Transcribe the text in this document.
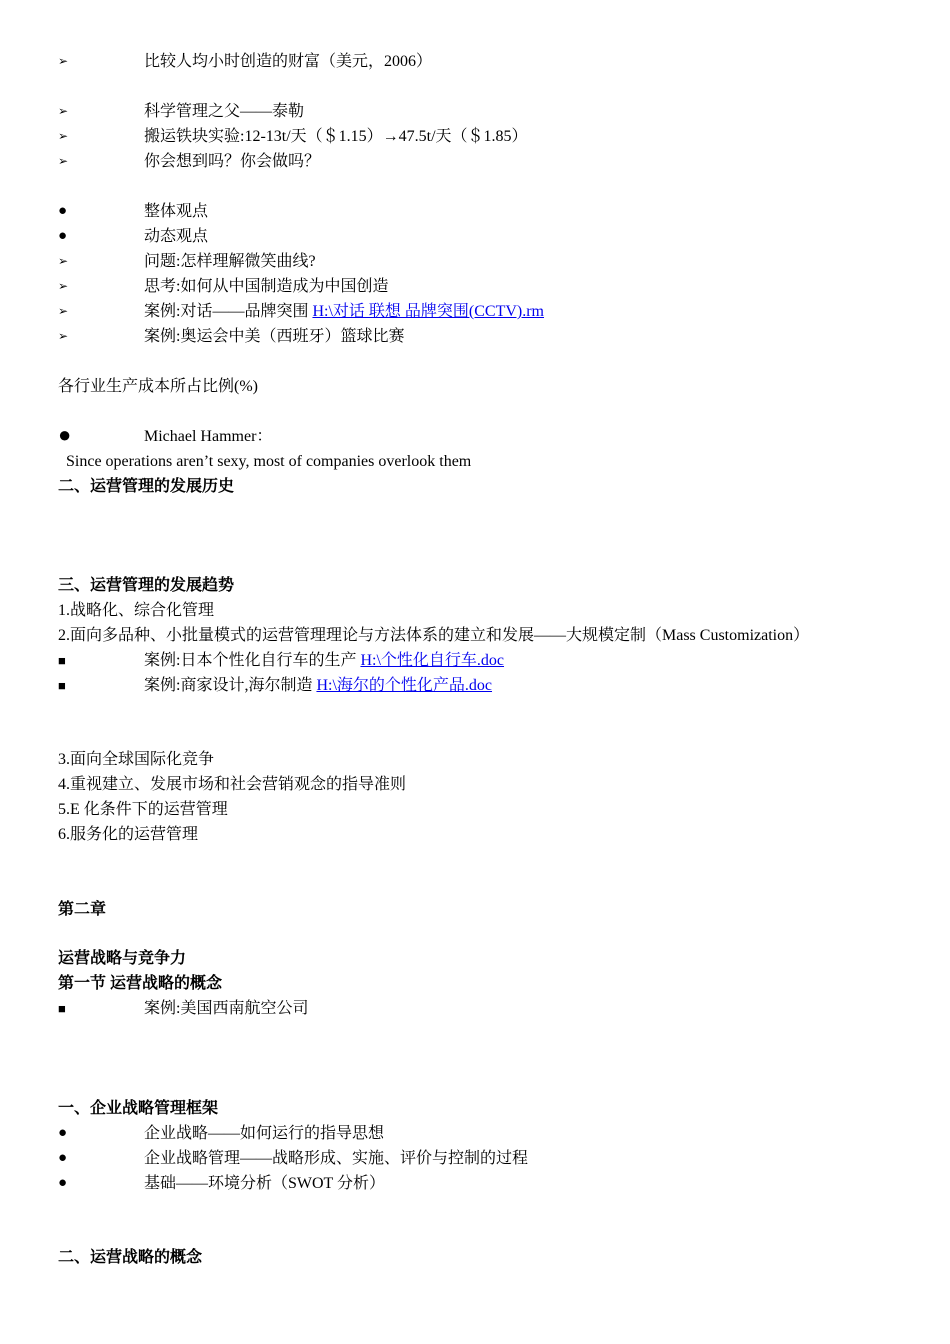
➢	比较人均小时创造的财富（美元，2006）
➢	科学管理之父——泰勒
➢	搬运铁块实验:12-13t/天（＄1.15）→47.5t/天（＄1.85）
➢	你会想到吗？你会做吗？
●	整体观点
●	动态观点
➢	问题:怎样理解微笑曲线?
➢	思考:如何从中国制造成为中国创造
➢	案例:对话——品牌突围 H:\对话 联想 品牌突围(CCTV).rm
➢	案例:奥运会中美（西班牙）篮球比赛
各行业生产成本所占比例(%)
●	Michael Hammer：
Since operations aren’t sexy, most of companies overlook them
二、运营管理的发展历史
三、运营管理的发展趋势
1.战略化、综合化管理
2.面向多品种、小批量模式的运营管理理论与方法体系的建立和发展——大规模定制（Mass Customization）
■	案例:日本个性化自行车的生产 H:\个性化自行车.doc
■	案例:商家设计,海尔制造 H:\海尔的个性化产品.doc
3.面向全球国际化竞争
4.重视建立、发展市场和社会营销观念的指导准则
5.E 化条件下的运营管理
6.服务化的运营管理
第二章
运营战略与竞争力
第一节 运营战略的概念
■	案例:美国西南航空公司
一、企业战略管理框架
●	企业战略——如何运行的指导思想
●	企业战略管理——战略形成、实施、评价与控制的过程
●	基础——环境分析（SWOT 分析）
二、运营战略的概念
